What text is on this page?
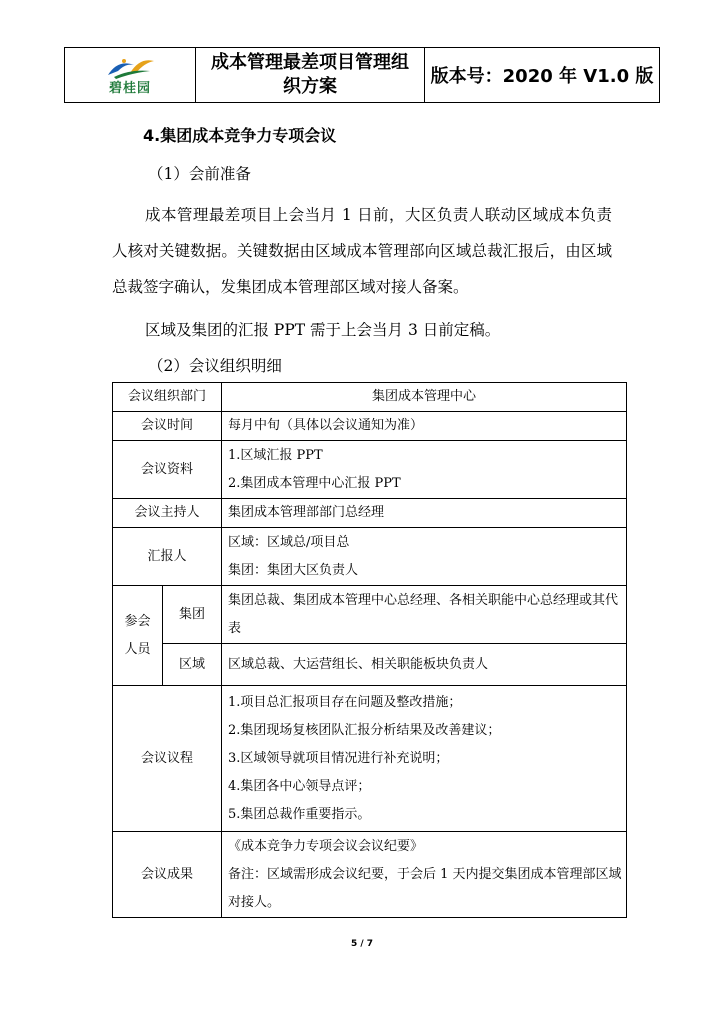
碧桂园
	成本管理最差项目管理组织方案	版本号：2020 年 V1.0 版
4.集团成本竞争力专项会议
（1）会前准备
成本管理最差项目上会当月 1 日前，大区负责人联动区域成本负责人核对关键数据。关键数据由区域成本管理部向区域总裁汇报后，由区域总裁签字确认，发集团成本管理部区域对接人备案。
区域及集团的汇报 PPT 需于上会当月 3 日前定稿。
（2）会议组织明细
会议组织部门		集团成本管理中心
会议时间		每月中旬（具体以会议通知为准）
会议资料		1.区域汇报 PPT
2.集团成本管理中心汇报 PPT

会议主持人		集团成本管理部部门总经理
汇报人		区域：区域总/项目总
集团：集团大区负责人

参会
人员	集团	集团总裁、集团成本管理中心总经理、各相关职能中心总经理或其代表
	区域	区域总裁、大运营组长、相关职能板块负责人
会议议程		1.项目总汇报项目存在问题及整改措施；
2.集团现场复核团队汇报分析结果及改善建议；
3.区域领导就项目情况进行补充说明；
4.集团各中心领导点评；
5.集团总裁作重要指示。

会议成果		《成本竞争力专项会议会议纪要》
备注：区域需形成会议纪要，于会后 1 天内提交集团成本管理部区域对接人。
5 / 7
